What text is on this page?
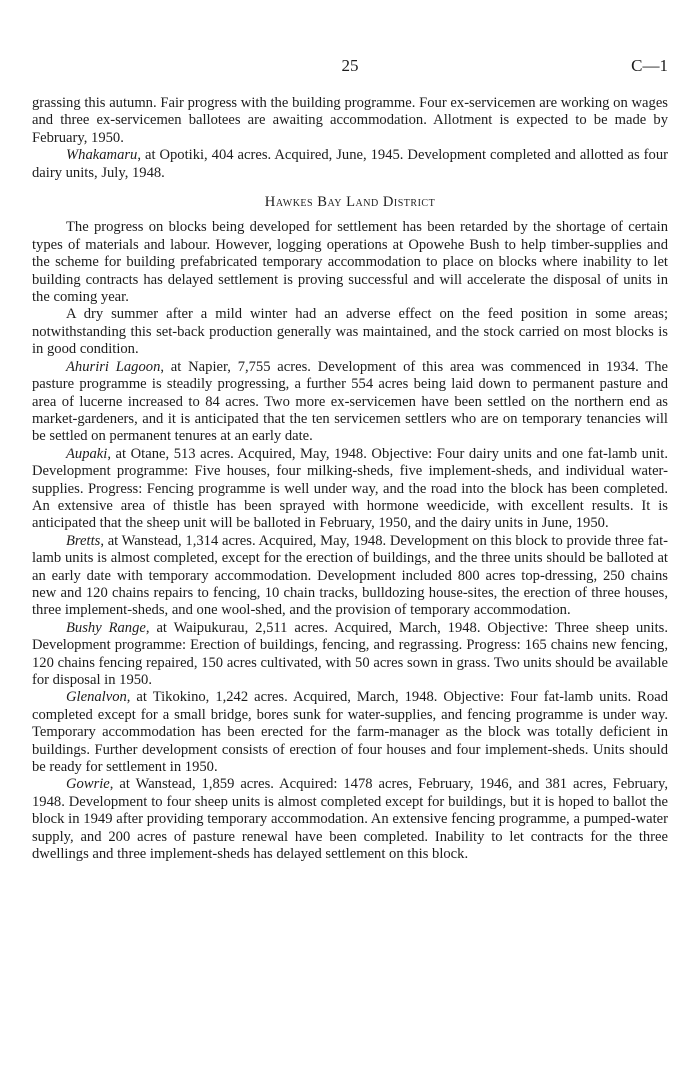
25	C—1

grassing this autumn. Fair progress with the building programme. Four ex-servicemen are working on wages and three ex-servicemen ballotees are awaiting accommodation. Allotment is expected to be made by February, 1950.

Whakamaru, at Opotiki, 404 acres. Acquired, June, 1945. Development completed and allotted as four dairy units, July, 1948.

Hawkes Bay Land District

The progress on blocks being developed for settlement has been retarded by the shortage of certain types of materials and labour. However, logging operations at Opowehe Bush to help timber-supplies and the scheme for building prefabricated temporary accommodation to place on blocks where inability to let building contracts has delayed settlement is proving successful and will accelerate the disposal of units in the coming year.

A dry summer after a mild winter had an adverse effect on the feed position in some areas; notwithstanding this set-back production generally was maintained, and the stock carried on most blocks is in good condition.

Ahuriri Lagoon, at Napier, 7,755 acres. Development of this area was commenced in 1934. The pasture programme is steadily progressing, a further 554 acres being laid down to permanent pasture and area of lucerne increased to 84 acres. Two more ex-servicemen have been settled on the northern end as market-gardeners, and it is anticipated that the ten servicemen settlers who are on temporary tenancies will be settled on permanent tenures at an early date.

Aupaki, at Otane, 513 acres. Acquired, May, 1948. Objective: Four dairy units and one fat-lamb unit. Development programme: Five houses, four milking-sheds, five implement-sheds, and individual water-supplies. Progress: Fencing programme is well under way, and the road into the block has been completed. An extensive area of thistle has been sprayed with hormone weedicide, with excellent results. It is anticipated that the sheep unit will be balloted in February, 1950, and the dairy units in June, 1950.

Bretts, at Wanstead, 1,314 acres. Acquired, May, 1948. Development on this block to provide three fat-lamb units is almost completed, except for the erection of buildings, and the three units should be balloted at an early date with temporary accommodation. Development included 800 acres top-dressing, 250 chains new and 120 chains repairs to fencing, 10 chain tracks, bulldozing house-sites, the erection of three houses, three implement-sheds, and one wool-shed, and the provision of temporary accommodation.

Bushy Range, at Waipukurau, 2,511 acres. Acquired, March, 1948. Objective: Three sheep units. Development programme: Erection of buildings, fencing, and regrassing. Progress: 165 chains new fencing, 120 chains fencing repaired, 150 acres cultivated, with 50 acres sown in grass. Two units should be available for disposal in 1950.

Glenalvon, at Tikokino, 1,242 acres. Acquired, March, 1948. Objective: Four fat-lamb units. Road completed except for a small bridge, bores sunk for water-supplies, and fencing programme is under way. Temporary accommodation has been erected for the farm-manager as the block was totally deficient in buildings. Further development consists of erection of four houses and four implement-sheds. Units should be ready for settlement in 1950.

Gowrie, at Wanstead, 1,859 acres. Acquired: 1478 acres, February, 1946, and 381 acres, February, 1948. Development to four sheep units is almost completed except for buildings, but it is hoped to ballot the block in 1949 after providing temporary accommodation. An extensive fencing programme, a pumped-water supply, and 200 acres of pasture renewal have been completed. Inability to let contracts for the three dwellings and three implement-sheds has delayed settlement on this block.
